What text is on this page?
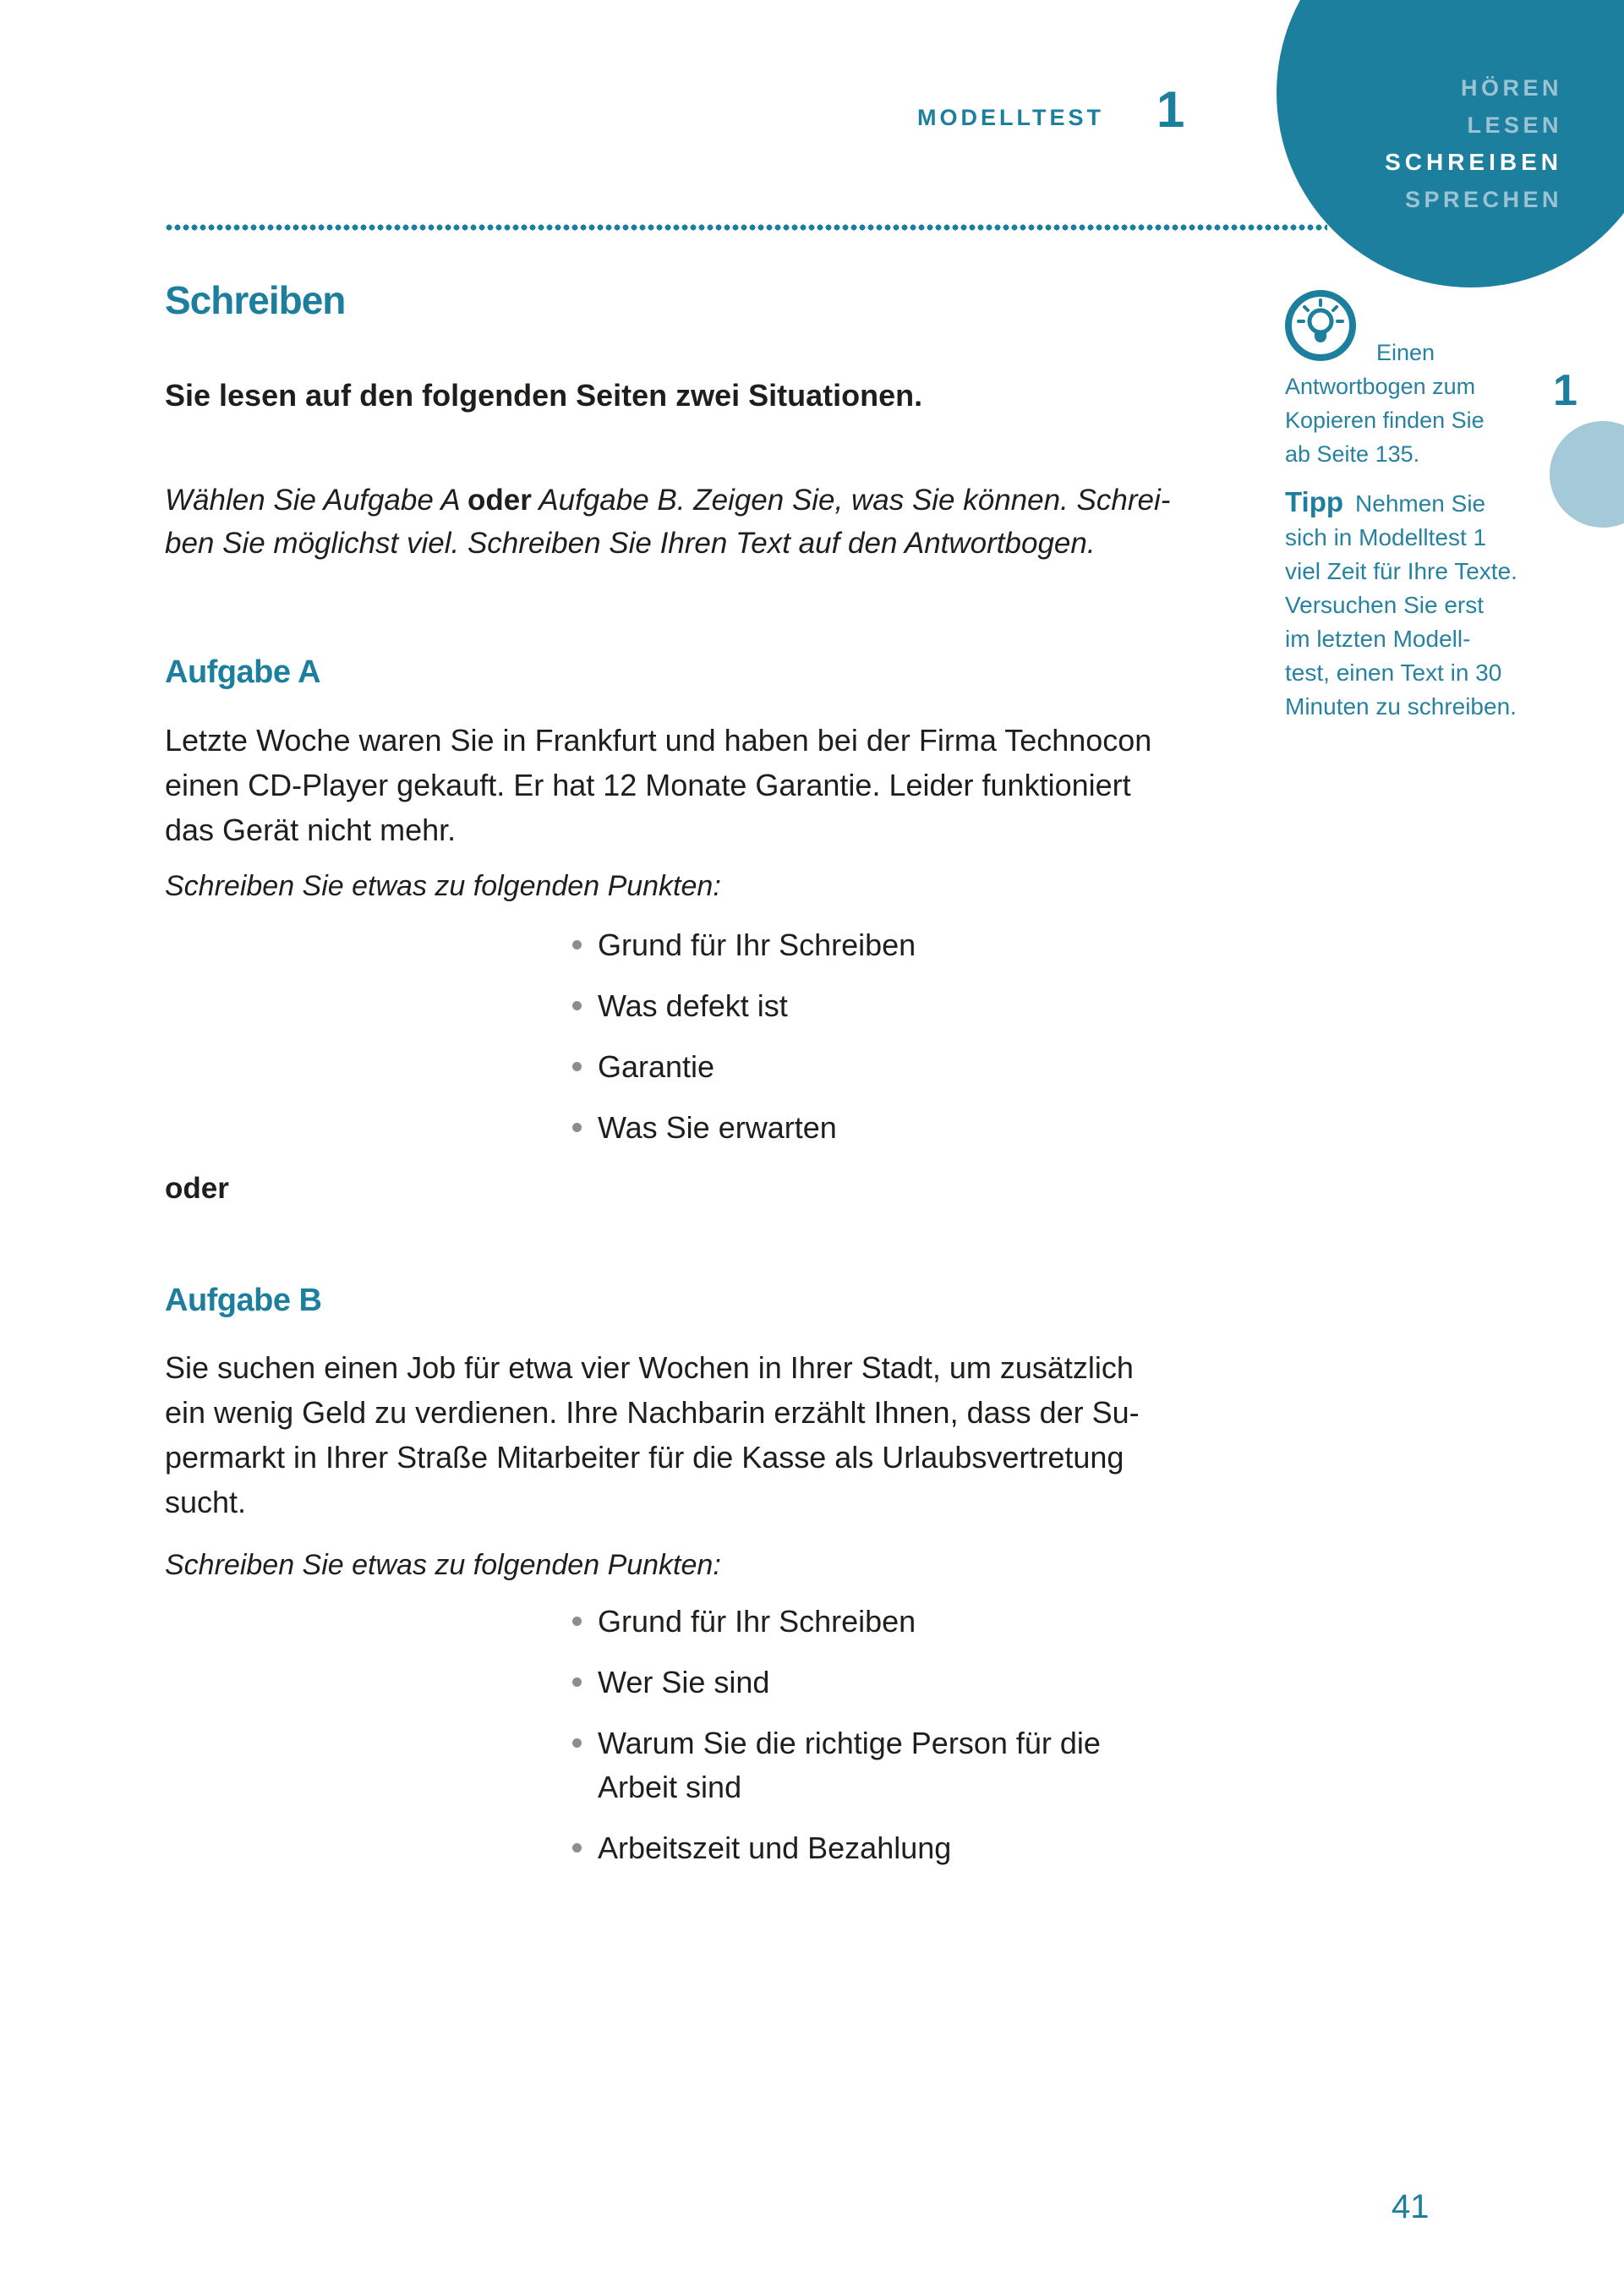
HÖREN
LESEN
SCHREIBEN
SPRECHEN
MODELLTEST 1
Schreiben
Sie lesen auf den folgenden Seiten zwei Situationen.
Wählen Sie Aufgabe A oder Aufgabe B. Zeigen Sie, was Sie können. Schrei-
ben Sie möglichst viel. Schreiben Sie Ihren Text auf den Antwortbogen.
Aufgabe A
Letzte Woche waren Sie in Frankfurt und haben bei der Firma Technocon
einen CD-Player gekauft. Er hat 12 Monate Garantie. Leider funktioniert
das Gerät nicht mehr.
Schreiben Sie etwas zu folgenden Punkten:
Grund für Ihr Schreiben
Was defekt ist
Garantie
Was Sie erwarten
oder
Aufgabe B
Sie suchen einen Job für etwa vier Wochen in Ihrer Stadt, um zusätzlich
ein wenig Geld zu verdienen. Ihre Nachbarin erzählt Ihnen, dass der Su-
permarkt in Ihrer Straße Mitarbeiter für die Kasse als Urlaubsvertretung
sucht.
Schreiben Sie etwas zu folgenden Punkten:
Grund für Ihr Schreiben
Wer Sie sind
Warum Sie die richtige Person für die
Arbeit sind
Arbeitszeit und Bezahlung
Einen
Antwortbogen zum
Kopieren finden Sie
ab Seite 135.
Tipp Nehmen Sie
sich in Modelltest 1
viel Zeit für Ihre Texte.
Versuchen Sie erst
im letzten Modell-
test, einen Text in 30
Minuten zu schreiben.
1
41
